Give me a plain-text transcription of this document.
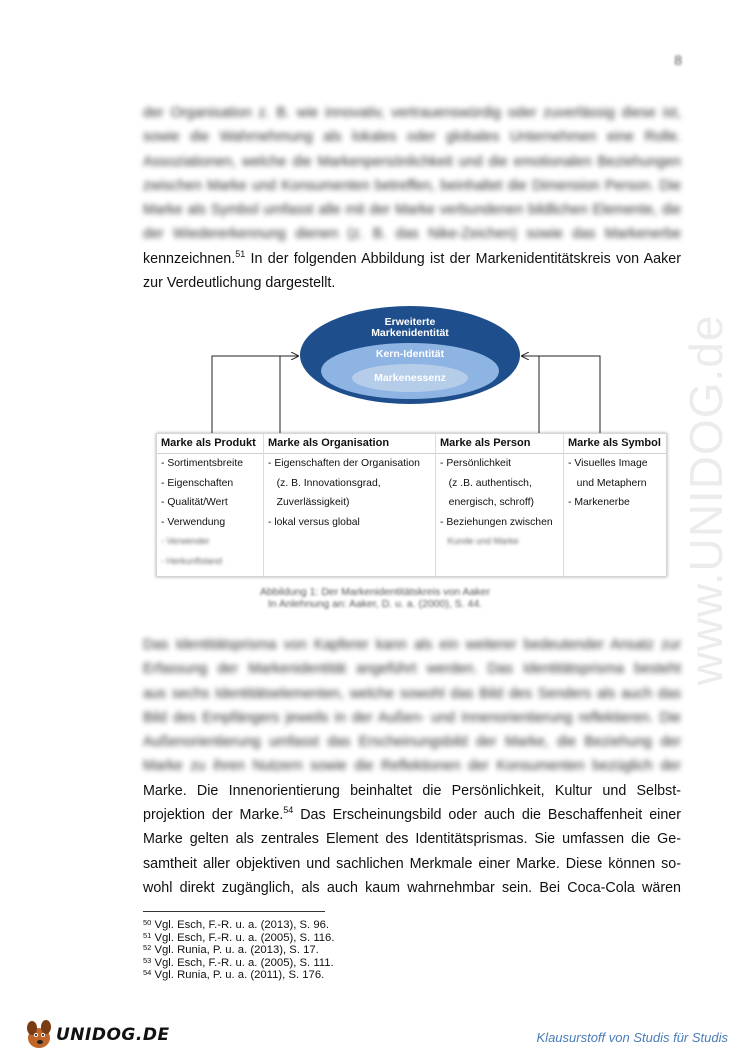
8
www.UNIDOG.de
der Organisation z. B. wie innovativ, vertrauenswürdig oder zuverlässig diese ist,
sowie die Wahrnehmung als lokales oder globales Unternehmen eine Rolle.
Assoziationen, welche die Markenpersönlichkeit und die emotionalen Beziehungen
zwischen Marke und Konsumenten betreffen, beinhaltet die Dimension Person. Die
Marke als Symbol umfasst alle mit der Marke verbundenen bildlichen Elemente, die
der Wiedererkennung dienen (z. B. das Nike-Zeichen) sowie das Markenerbe
kennzeichnen.$^{51}$ In der folgenden Abbildung ist der Markenidentitätskreis von Aaker
zur Verdeutlichung dargestellt.
Erweiterte
Markenidentität
Kern-Identität
Markenessenz
Marke als Produkt
- Sortimentsbreite
- Eigenschaften
- Qualität/Wert
- Verwendung
- Verwender
- Herkunftsland
Marke als Organisation
- Eigenschaften der Organisation
(z. B. Innovationsgrad,
Zuverlässigkeit)
- lokal versus global
Marke als Person
- Persönlichkeit
(z .B. authentisch,
energisch, schroff)
- Beziehungen zwischen
Kunde und Marke
Marke als Symbol
- Visuelles Image
und Metaphern
- Markenerbe
Abbildung 1: Der Markenidentitätskreis von Aaker
In Anlehnung an: Aaker, D. u. a. (2000), S. 44.
Das Identitätsprisma von Kapferer kann als ein weiterer bedeutender Ansatz zur
Erfassung der Markenidentität angeführt werden. Das Identitätsprisma besteht
aus sechs Identitätselementen, welche sowohl das Bild des Senders als auch das
Bild des Empfängers jeweils in der Außen- und Innenorientierung reflektieren. Die
Außenorientierung umfasst das Erscheinungsbild der Marke, die Beziehung der
Marke zu ihren Nutzern sowie die Reflektionen der Konsumenten bezüglich der
Marke. Die Innenorientierung beinhaltet die Persönlichkeit, Kultur und Selbst-
projektion der Marke.$^{54}$ Das Erscheinungsbild oder auch die Beschaffenheit einer
Marke gelten als zentrales Element des Identitätsprismas. Sie umfassen die Ge-
samtheit aller objektiven und sachlichen Merkmale einer Marke. Diese können so-
wohl direkt zugänglich, als auch kaum wahrnehmbar sein. Bei Coca-Cola wären
$^{50}$ Vgl. Esch, F.-R. u. a. (2013), S. 96.
$^{51}$ Vgl. Esch, F.-R. u. a. (2005), S. 116.
$^{52}$ Vgl. Runia, P. u. a. (2013), S. 17.
$^{53}$ Vgl. Esch, F.-R. u. a. (2005), S. 111.
$^{54}$ Vgl. Runia, P. u. a. (2011), S. 176.
UNIDOG.DE	Klausurstoff von Studis für Studis
